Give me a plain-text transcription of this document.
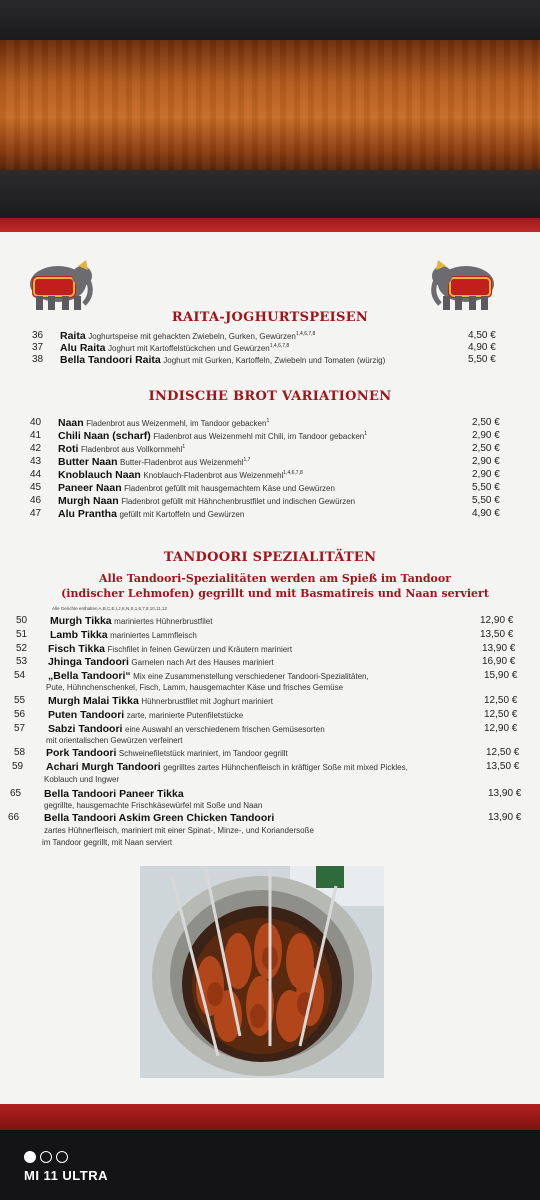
RAITA-JOGHURTSPEISEN
36 Raita Joghurtspeise mit gehackten Zwiebeln, Gurken, Gewürzen$^{1,4,6,7,8}$	4,50 €
37 Alu Raita Joghurt mit Kartoffelstückchen und Gewürzen$^{1,4,6,7,8}$	4,90 €
38 Bella Tandoori Raita Joghurt mit Gurken, Kartoffeln, Zwiebeln und Tomaten (würzig)	5,50 €
INDISCHE BROT VARIATIONEN
40 Naan Fladenbrot aus Weizenmehl, im Tandoor gebacken$^1$	2,50 €
41 Chili Naan (scharf) Fladenbrot aus Weizenmehl mit Chili, im Tandoor gebacken$^1$	2,90 €
42 Roti Fladenbrot aus Vollkornmehl$^1$	2,50 €
43 Butter Naan Butter-Fladenbrot aus Weizenmehl$^{1,7}$	2,90 €
44 Knoblauch Naan Knoblauch-Fladenbrot aus Weizenmehl$^{1,4,6,7,8}$	2,90 €
45 Paneer Naan Fladenbrot gefüllt mit hausgemachtem Käse und Gewürzen	5,50 €
46 Murgh Naan Fladenbrot gefüllt mit Hähnchenbrustfilet und indischen Gewürzen	5,50 €
47 Alu Prantha gefüllt mit Kartoffeln und Gewürzen	4,90 €
TANDOORI SPEZIALITÄTEN
Alle Tandoori-Spezialitäten werden am Spieß im Tandoor
(indischer Lehmofen) gegrillt und mit Basmatireis und Naan serviert
Alle Gerichte enthalten A,B,C,E,I,J,K,N,S,1,6,7,8,10,11,12
50 Murgh Tikka mariniertes Hühnerbrustfilet	12,90 €
51 Lamb Tikka mariniertes Lammfleisch	13,50 €
52 Fisch Tikka Fischfilet in feinen Gewürzen und Kräutern mariniert	13,90 €
53 Jhinga Tandoori Garnelen nach Art des Hauses mariniert	16,90 €
54 „Bella Tandoori“ Mix eine Zusammenstellung verschiedener Tandoori-Spezialitäten,	15,90 €
Pute, Hühnchenschenkel, Fisch, Lamm, hausgemachter Käse und frisches Gemüse
55 Murgh Malai Tikka Hühnerbrustfilet mit Joghurt mariniert	12,50 €
56 Puten Tandoori zarte, marinierte Putenfiletstücke	12,50 €
57 Sabzi Tandoori eine Auswahl an verschiedenem frischen Gemüsesorten	12,90 €
mit orientalischen Gewürzen verfeinert
58 Pork Tandoori Schweinefiletstück mariniert, im Tandoor gegrillt	12,50 €
59 Achari Murgh Tandoori gegrilltes zartes Hühnchenfleisch in kräftiger Soße mit mixed Pickles,	13,50 €
Koblauch und Ingwer
65 Bella Tandoori Paneer Tikka	13,90 €
gegrillte, hausgemachte Frischkäsewürfel mit Soße und Naan
66 Bella Tandoori Askim Green Chicken Tandoori	13,90 €
zartes Hühnerfleisch, mariniert mit einer Spinat-, Minze-, und Koriandersoße
im Tandoor gegrillt, mit Naan serviert
MI 11 ULTRA
